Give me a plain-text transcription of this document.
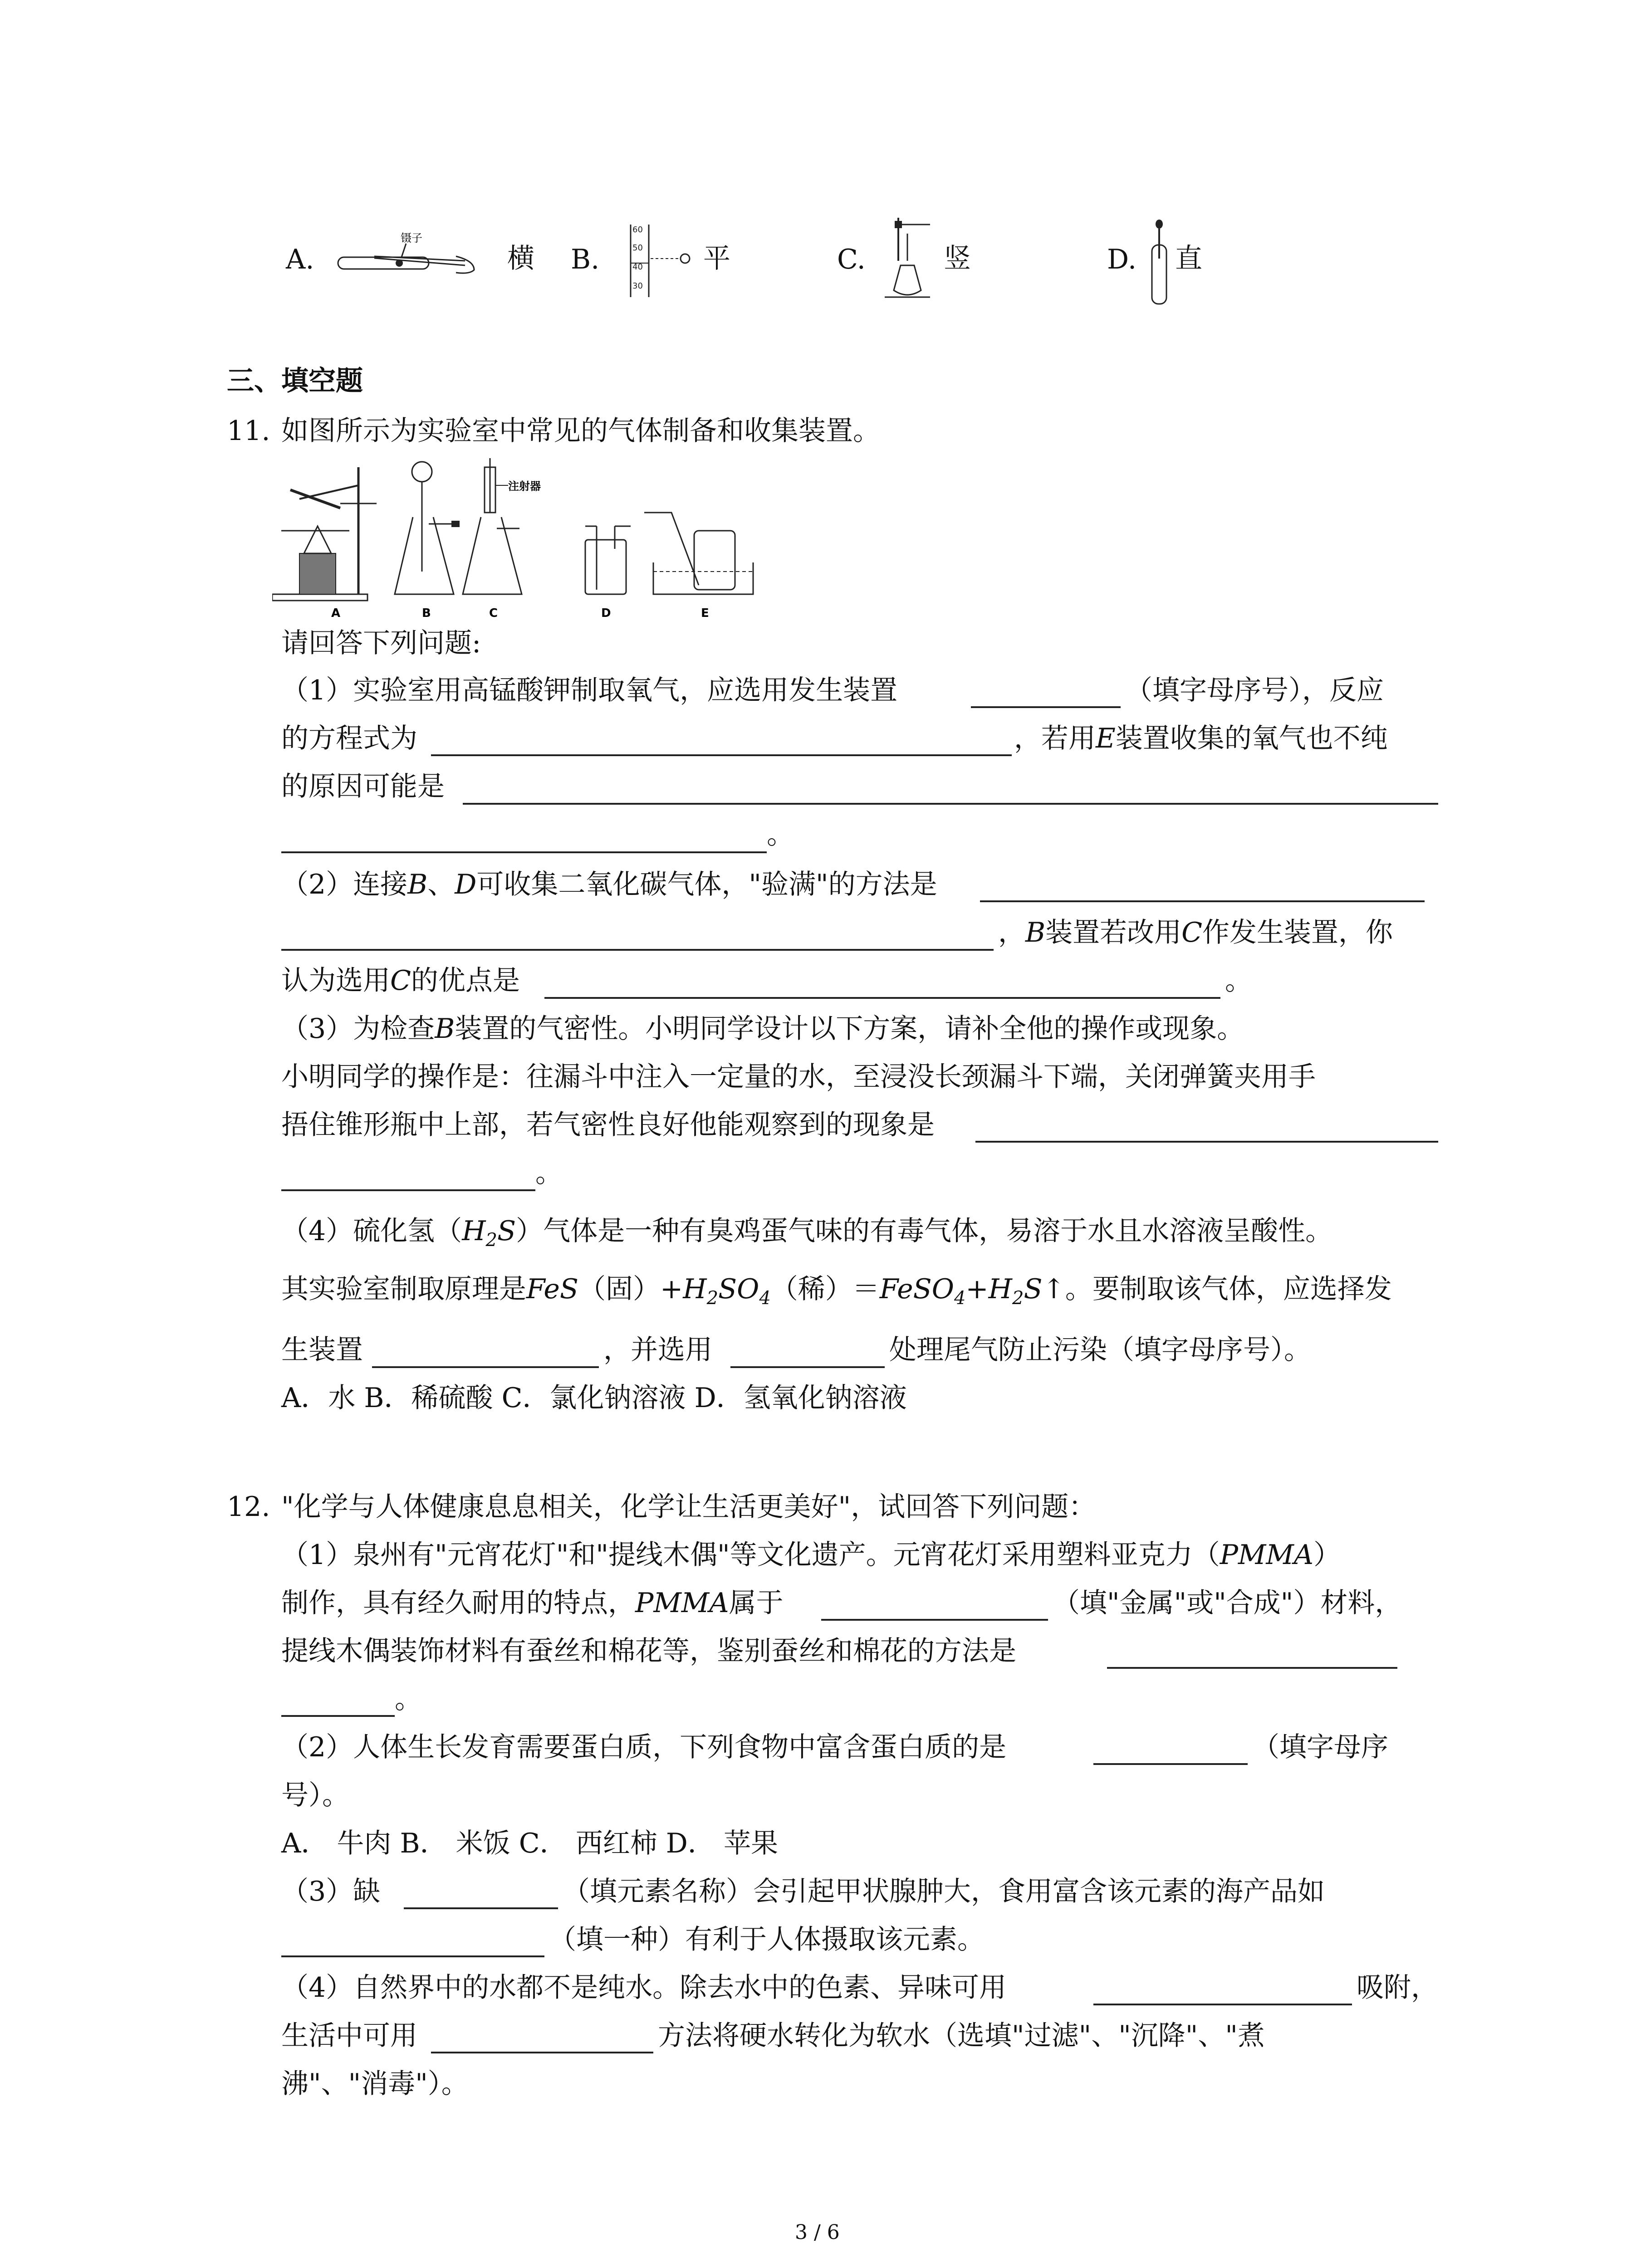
A.
镊子
横 B.
60
50
40
30
平	C.	竖	D. 直
三、填空题
11. 如图所示为实验室中常见的气体制备和收集装置。
A	B
注射器
C	D	E
请回答下列问题:
（1）实验室用高锰酸钾制取氧气，应选用发生装置	（填字母序号），反应
的方程式为	，若用E装置收集的氧气也不纯
的原因可能是
。
（2）连接B、D可收集二氧化碳气体，"验满"的方法是
，B装置若改用C作发生装置，你
认为选用C的优点是	。
（3）为检查B装置的气密性。小明同学设计以下方案，请补全他的操作或现象。
小明同学的操作是：往漏斗中注入一定量的水，至浸没长颈漏斗下端，关闭弹簧夹用手
捂住锥形瓶中上部，若气密性良好他能观察到的现象是
。
（4）硫化氢$(H_2S)$气体是一种有臭鸡蛋气味的有毒气体，易溶于水且水溶液呈酸性。
其实验室制取原理是FeS（固）$+H_2SO_4$（稀）$=FeSO_4+H_2S↑$。要制取该气体，应选择发
生装置	，并选用	处理尾气防止污染（填字母序号）。
A．水 B．稀硫酸 C．氯化钠溶液 D．氢氧化钠溶液
12. "化学与人体健康息息相关，化学让生活更美好"，试回答下列问题：
（1）泉州有"元宵花灯"和"提线木偶"等文化遗产。元宵花灯采用塑料亚克力（PMMA）
制作，具有经久耐用的特点，PMMA属于	（填"金属"或"合成"）材料，
提线木偶装饰材料有蚕丝和棉花等，鉴别蚕丝和棉花的方法是
。
（2）人体生长发育需要蛋白质，下列食物中富含蛋白质的是	（填字母序
号）。
A． 牛肉 B． 米饭 C． 西红柿 D． 苹果
（3）缺	（填元素名称）会引起甲状腺肿大，食用富含该元素的海产品如
（填一种）有利于人体摄取该元素。
（4）自然界中的水都不是纯水。除去水中的色素、异味可用	吸附，
生活中可用	方法将硬水转化为软水（选填"过滤"、"沉降"、"煮
沸"、"消毒"）。
3 / 6
